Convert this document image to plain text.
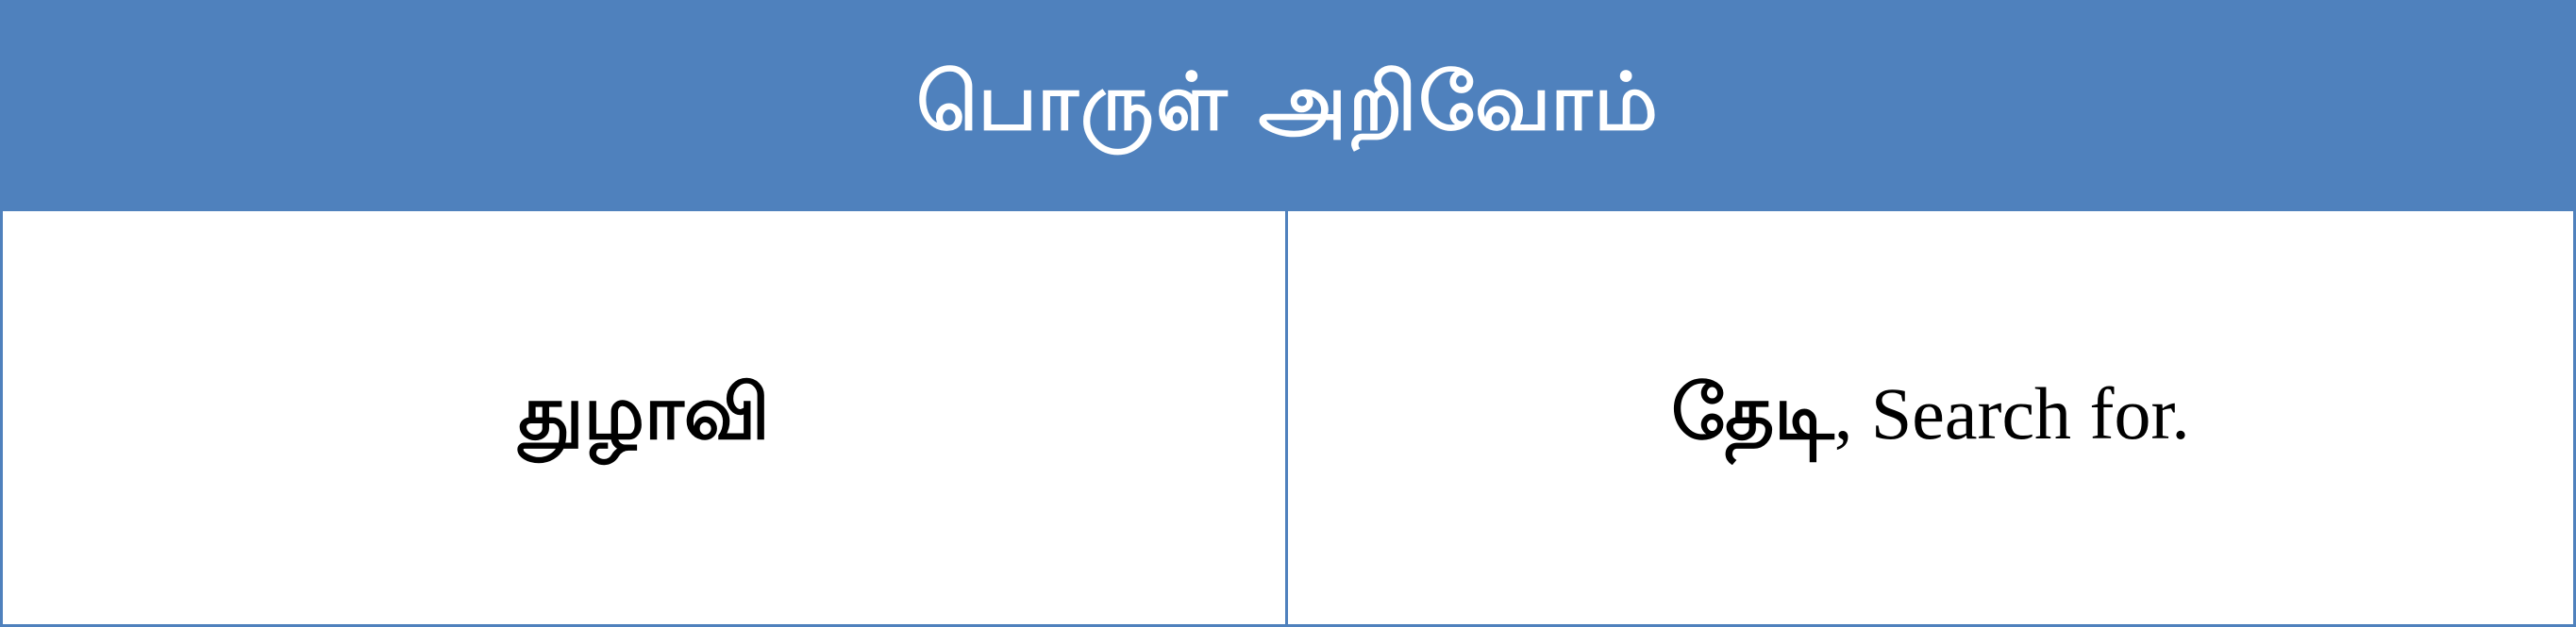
பொருள் அறிவோம்
துழாவி	தேடி, Search for.
